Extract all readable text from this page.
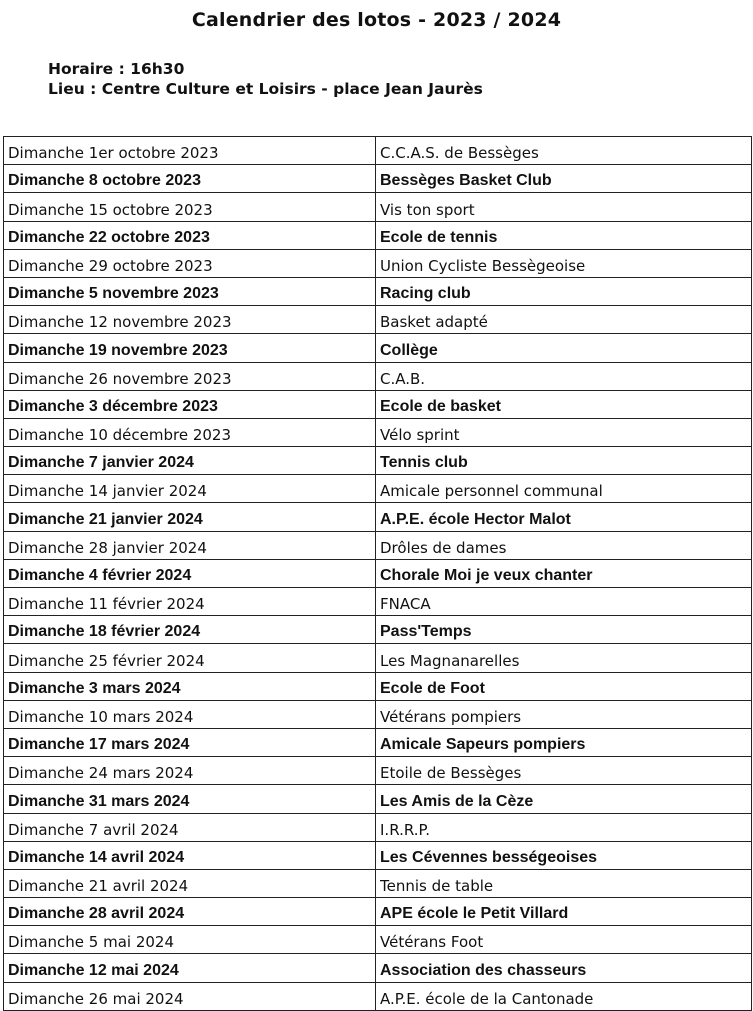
Calendrier des lotos - 2023 / 2024
Horaire : 16h30
Lieu : Centre Culture et Loisirs - place Jean Jaurès
Dimanche 1er octobre 2023	C.C.A.S. de Bessèges
Dimanche 8 octobre 2023	Bessèges Basket Club
Dimanche 15 octobre 2023	Vis ton sport
Dimanche 22 octobre 2023	Ecole de tennis
Dimanche 29 octobre 2023	Union Cycliste Bessègeoise
Dimanche 5 novembre 2023	Racing club
Dimanche 12 novembre 2023	Basket adapté
Dimanche 19 novembre 2023	Collège
Dimanche 26 novembre 2023	C.A.B.
Dimanche 3 décembre 2023	Ecole de basket
Dimanche 10 décembre 2023	Vélo sprint
Dimanche 7 janvier 2024	Tennis club
Dimanche 14 janvier 2024	Amicale personnel communal
Dimanche 21 janvier 2024	A.P.E. école Hector Malot
Dimanche 28 janvier 2024	Drôles de dames
Dimanche 4 février 2024	Chorale Moi je veux chanter
Dimanche 11 février 2024	FNACA
Dimanche 18 février 2024	Pass'Temps
Dimanche 25 février 2024	Les Magnanarelles
Dimanche 3 mars 2024	Ecole de Foot
Dimanche 10 mars 2024	Vétérans pompiers
Dimanche 17 mars 2024	Amicale Sapeurs pompiers
Dimanche 24 mars 2024	Etoile de Bessèges
Dimanche 31 mars 2024	Les Amis de la Cèze
Dimanche 7 avril 2024	I.R.R.P.
Dimanche 14 avril 2024	Les Cévennes bességeoises
Dimanche 21 avril 2024	Tennis de table
Dimanche 28 avril 2024	APE école le Petit Villard
Dimanche 5 mai 2024	Vétérans Foot
Dimanche 12 mai 2024	Association des chasseurs
Dimanche 26 mai 2024	A.P.E. école de la Cantonade
